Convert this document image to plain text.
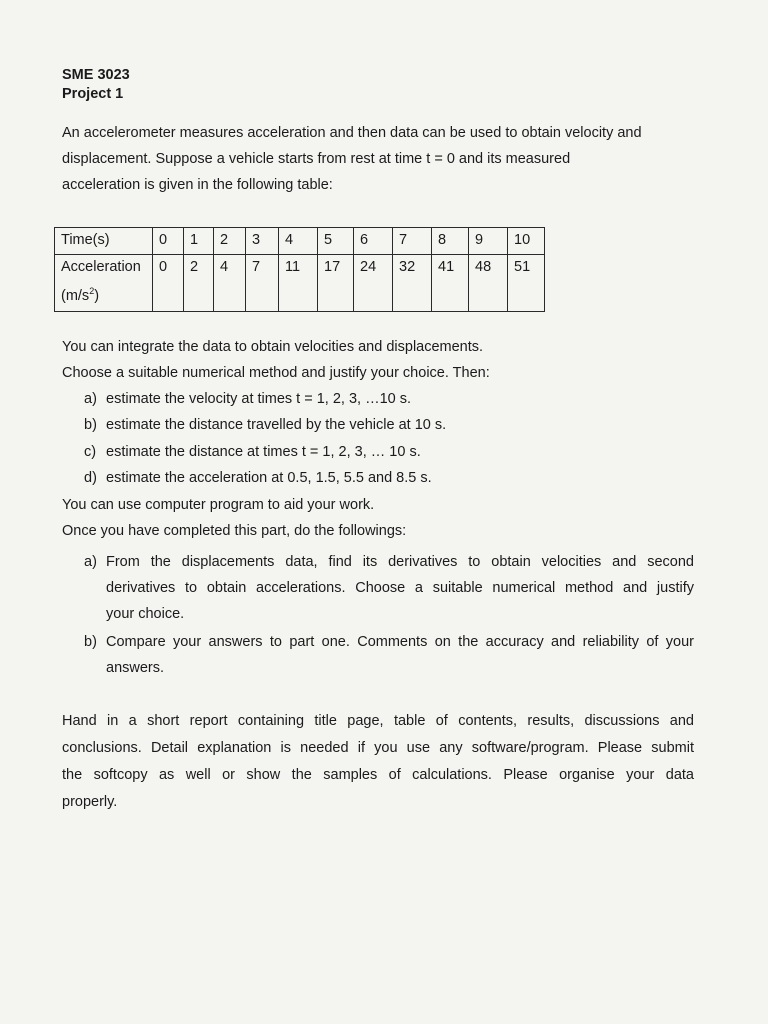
SME 3023
Project 1
An accelerometer measures acceleration and then data can be used to obtain velocity and
displacement. Suppose a vehicle starts from rest at time t = 0 and its measured
acceleration is given in the following table:
Time(s)	0	1	2	3	4	5	6	7	8	9	10
Acceleration
$(m/s^2)$	0	2	4	7	11	17	24	32	41	48	51
You can integrate the data to obtain velocities and displacements.
Choose a suitable numerical method and justify your choice. Then:
a) estimate the velocity at times t = 1, 2, 3, …10 s.
b) estimate the distance travelled by the vehicle at 10 s.
c) estimate the distance at times t = 1, 2, 3, … 10 s.
d) estimate the acceleration at 0.5, 1.5, 5.5 and 8.5 s.
You can use computer program to aid your work.
Once you have completed this part, do the followings:
a) From the displacements data, find its derivatives to obtain velocities and second
derivatives to obtain accelerations. Choose a suitable numerical method and justify
your choice.
b) Compare your answers to part one. Comments on the accuracy and reliability of your
answers.
Hand in a short report containing title page, table of contents, results, discussions and
conclusions. Detail explanation is needed if you use any software/program. Please submit
the softcopy as well or show the samples of calculations. Please organise your data
properly.
